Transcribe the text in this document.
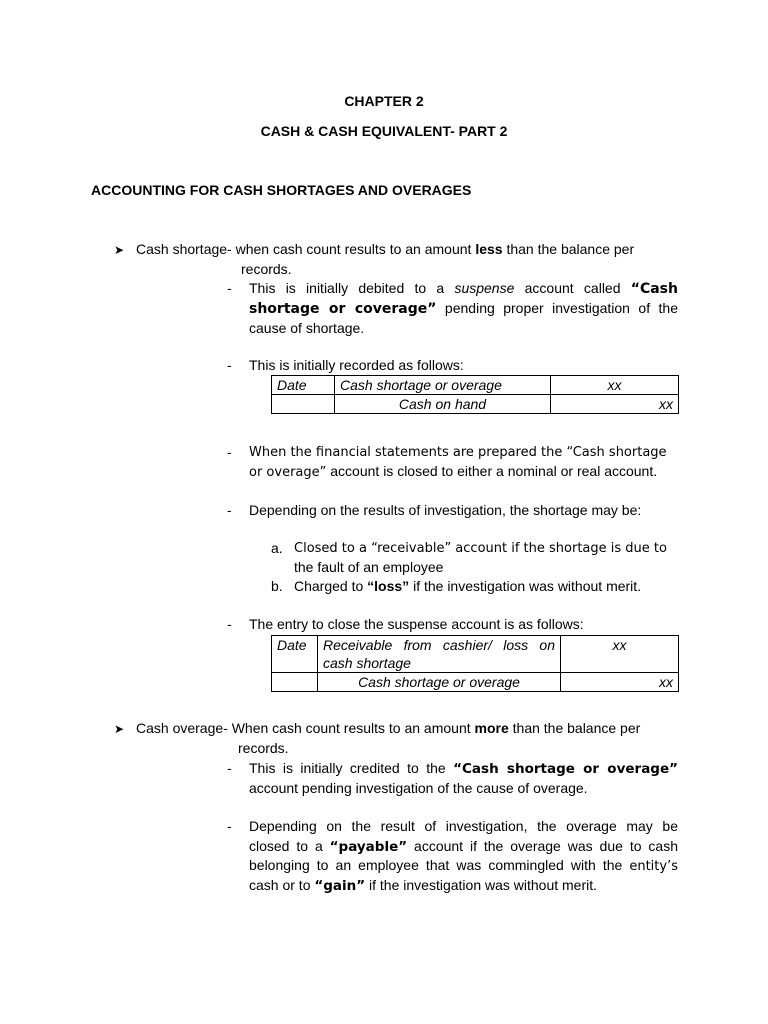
CHAPTER 2
CASH & CASH EQUIVALENT- PART 2
ACCOUNTING FOR CASH SHORTAGES AND OVERAGES
➤ Cash shortage- when cash count results to an amount less than the balance per
records.
- This is initially debited to a suspense account called “Cash shortage or coverage” pending proper investigation of the cause of shortage.
- This is initially recorded as follows:
Date	Cash shortage or overage	xx
	Cash on hand	xx
- When the financial statements are prepared the “Cash shortage
or overage” account is closed to either a nominal or real account.
- Depending on the results of investigation, the shortage may be:
a. Closed to a “receivable” account if the shortage is due to
the fault of an employee
b. Charged to “loss” if the investigation was without merit.
- The entry to close the suspense account is as follows:
Date	Receivable from cashier/ loss on
cash shortage	xx
	Cash shortage or overage	xx
➤ Cash overage- When cash count results to an amount more than the balance per
records.
- This is initially credited to the “Cash shortage or overage”
account pending investigation of the cause of overage.
- Depending on the result of investigation, the overage may be
closed to a “payable” account if the overage was due to cash
belonging to an employee that was commingled with the entity’s
cash or to “gain” if the investigation was without merit.
